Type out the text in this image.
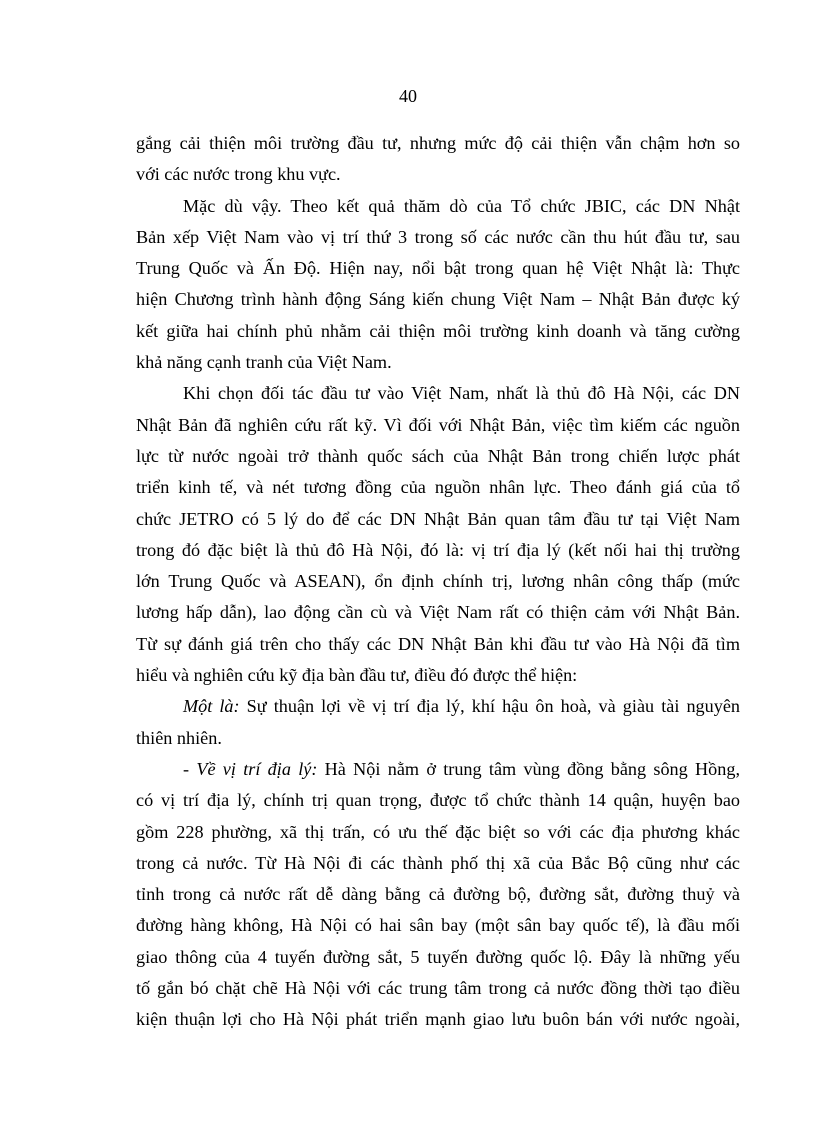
40
gắng cải thiện môi trường đầu tư, nhưng mức độ cải thiện vẫn chậm hơn so
với các nước trong khu vực.
Mặc dù vậy. Theo kết quả thăm dò của Tổ chức JBIC, các DN Nhật
Bản xếp Việt Nam vào vị trí thứ 3 trong số các nước cần thu hút đầu tư, sau
Trung Quốc và Ấn Độ. Hiện nay, nổi bật trong quan hệ Việt Nhật là: Thực
hiện Chương trình hành động Sáng kiến chung Việt Nam – Nhật Bản được ký
kết giữa hai chính phủ nhằm cải thiện môi trường kinh doanh và tăng cường
khả năng cạnh tranh của Việt Nam.
Khi chọn đối tác đầu tư vào Việt Nam, nhất là thủ đô Hà Nội, các DN
Nhật Bản đã nghiên cứu rất kỹ. Vì đối với Nhật Bản, việc tìm kiếm các nguồn
lực từ nước ngoài trở thành quốc sách của Nhật Bản trong chiến lược phát
triển kinh tế, và nét tương đồng của nguồn nhân lực. Theo đánh giá của tổ
chức JETRO có 5 lý do để các DN Nhật Bản quan tâm đầu tư tại Việt Nam
trong đó đặc biệt là thủ đô Hà Nội, đó là: vị trí địa lý (kết nối hai thị trường
lớn Trung Quốc và ASEAN), ổn định chính trị, lương nhân công thấp (mức
lương hấp dẫn), lao động cần cù và Việt Nam rất có thiện cảm với Nhật Bản.
Từ sự đánh giá trên cho thấy các DN Nhật Bản khi đầu tư vào Hà Nội đã tìm
hiểu và nghiên cứu kỹ địa bàn đầu tư, điều đó được thể hiện:
Một là: Sự thuận lợi về vị trí địa lý, khí hậu ôn hoà, và giàu tài nguyên
thiên nhiên.
- Về vị trí địa lý: Hà Nội nằm ở trung tâm vùng đồng bằng sông Hồng,
có vị trí địa lý, chính trị quan trọng, được tổ chức thành 14 quận, huyện bao
gồm 228 phường, xã thị trấn, có ưu thế đặc biệt so với các địa phương khác
trong cả nước. Từ Hà Nội đi các thành phố thị xã của Bắc Bộ cũng như các
tỉnh trong cả nước rất dễ dàng bằng cả đường bộ, đường sắt, đường thuỷ và
đường hàng không, Hà Nội có hai sân bay (một sân bay quốc tế), là đầu mối
giao thông của 4 tuyến đường sắt, 5 tuyến đường quốc lộ. Đây là những yếu
tố gắn bó chặt chẽ Hà Nội với các trung tâm trong cả nước đồng thời tạo điều
kiện thuận lợi cho Hà Nội phát triển mạnh giao lưu buôn bán với nước ngoài,
